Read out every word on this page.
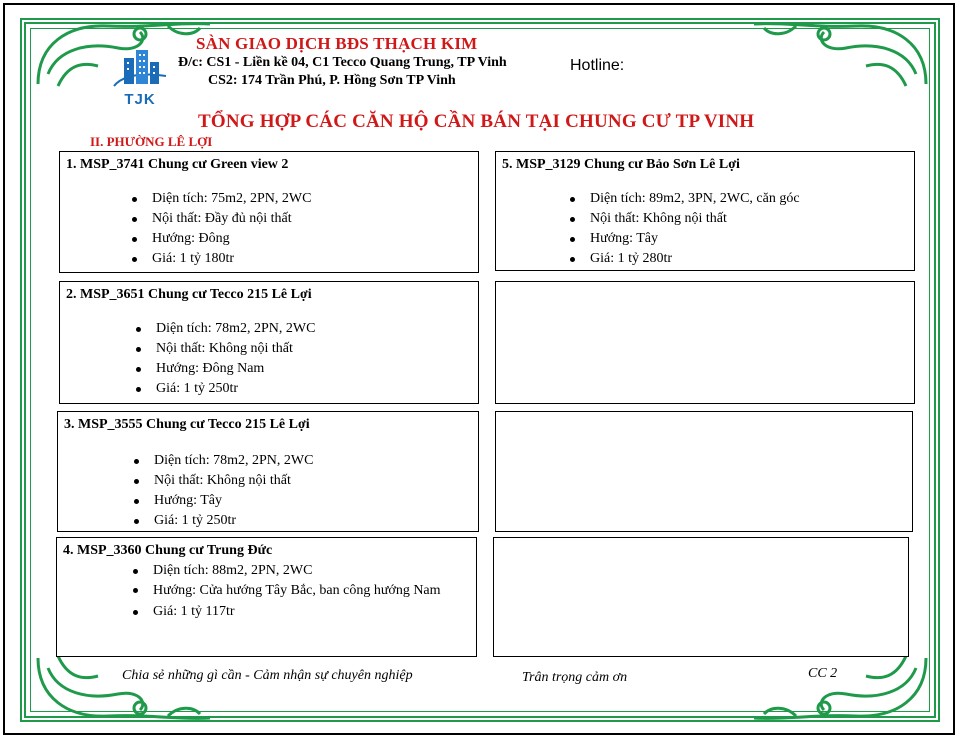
TJK
SÀN GIAO DỊCH BĐS THẠCH KIM
Đ/c: CS1 - Liền kề 04, C1 Tecco Quang Trung, TP Vinh
CS2: 174 Trần Phú, P. Hồng Sơn TP Vinh
Hotline:
TỔNG HỢP CÁC CĂN HỘ CẦN BÁN TẠI CHUNG CƯ TP VINH
II. PHƯỜNG LÊ LỢI
1. MSP_3741 Chung cư Green view 2
Diện tích: 75m2, 2PN, 2WC
Nội thất: Đầy đủ nội thất
Hướng: Đông
Giá: 1 tỷ 180tr
5. MSP_3129 Chung cư Bảo Sơn Lê Lợi
Diện tích: 89m2, 3PN, 2WC, căn góc
Nội thất: Không nội thất
Hướng: Tây
Giá: 1 tỷ 280tr
2. MSP_3651 Chung cư Tecco 215 Lê Lợi
Diện tích: 78m2, 2PN, 2WC
Nội thất: Không nội thất
Hướng: Đông Nam
Giá: 1 tỷ 250tr
3. MSP_3555 Chung cư Tecco 215 Lê Lợi
Diện tích: 78m2, 2PN, 2WC
Nội thất: Không nội thất
Hướng: Tây
Giá: 1 tỷ 250tr
4. MSP_3360 Chung cư Trung Đức
Diện tích: 88m2, 2PN, 2WC
Hướng: Cửa hướng Tây Bắc, ban công hướng Nam
Giá: 1 tỷ 117tr
Chia sẻ những gì cần - Cảm nhận sự chuyên nghiệp	Trân trọng cảm ơn	CC 2
